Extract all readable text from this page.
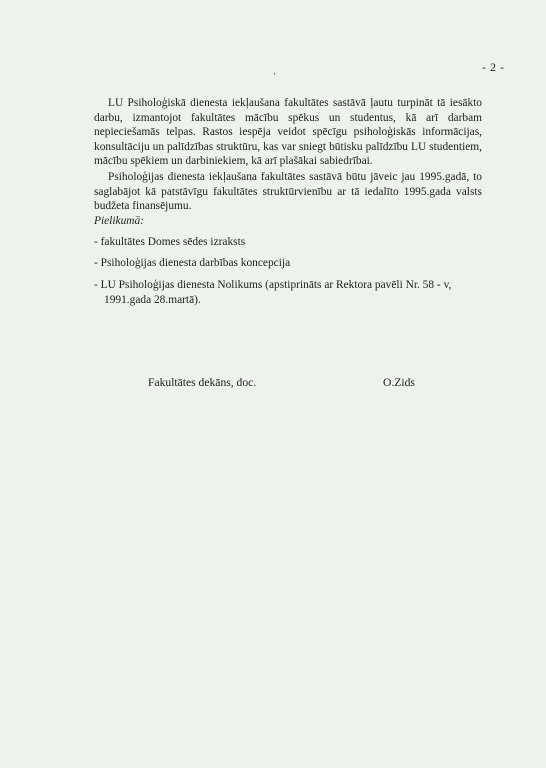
- 2 -
LU Psiholoģiskā dienesta iekļaušana fakultātes sastāvā ļautu turpināt tā iesākto darbu, izmantojot fakultātes mācību spēkus un studentus, kā arī darbam nepieciešamās telpas. Rastos iespēja veidot spēcīgu psiholoģiskās informācijas, konsultāciju un palīdzības struktūru, kas var sniegt būtisku palīdzību LU studentiem, mācību spēkiem un darbiniekiem, kā arī plašākai sabiedrībai.
Psiholoģijas dienesta iekļaušana fakultātes sastāvā būtu jāveic jau 1995.gadā, to saglabājot kā patstāvīgu fakultātes struktūrvienību ar tā iedalīto 1995.gada valsts budžeta finansējumu.
Pielikumā:
- fakultātes Domes sēdes izraksts
- Psiholoģijas dienesta darbības koncepcija
- LU Psiholoģijas dienesta Nolikums (apstiprināts ar Rektora pavēli Nr. 58 - v,
1991.gada 28.martā).
Fakultātes dekāns, doc.	O.Zids
